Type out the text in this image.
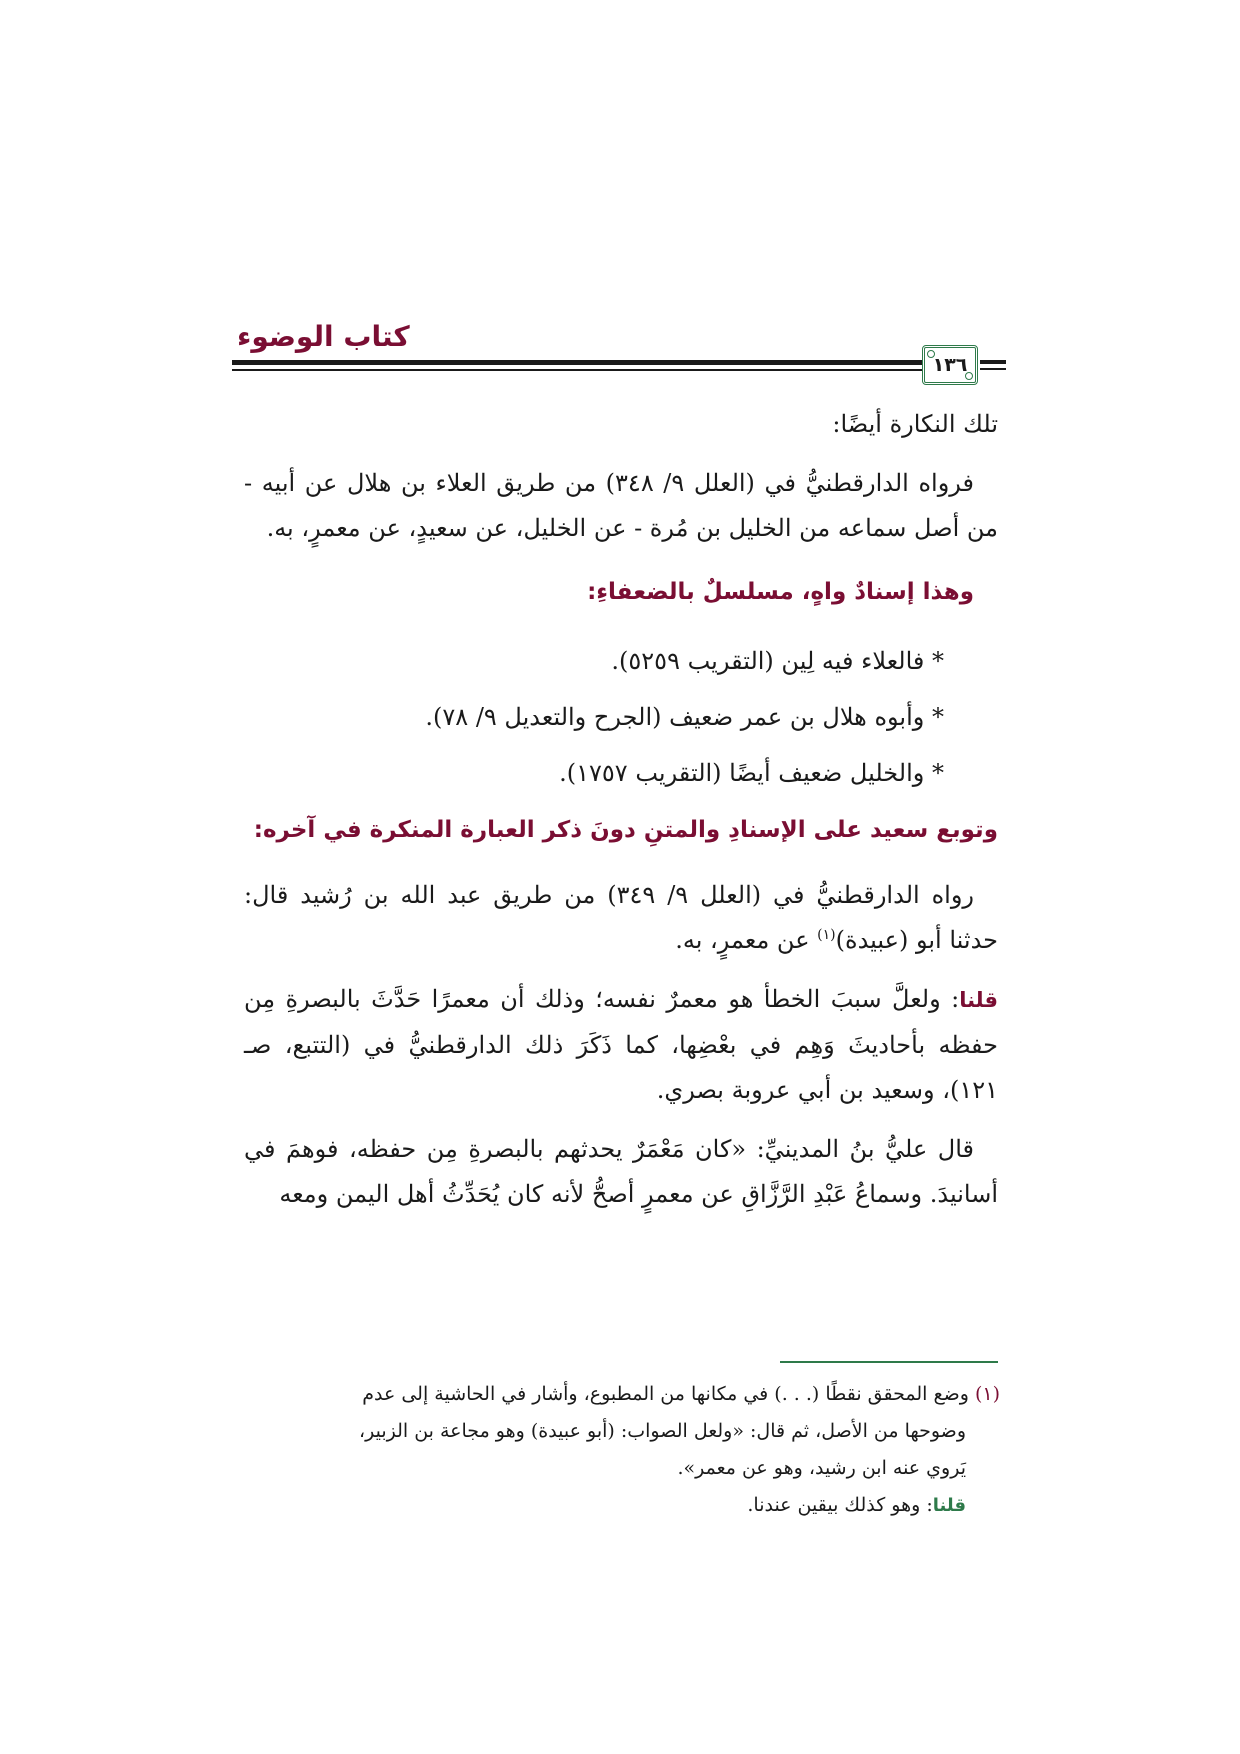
كتاب الوضوء
١٣٦

تلك النكارة أيضًا:

فرواه الدارقطنيُّ في (العلل ٩/ ٣٤٨) من طريق العلاء بن هلال عن أبيه - من أصل سماعه من الخليل بن مُرة - عن الخليل، عن سعيدٍ، عن معمرٍ، به.

وهذا إسنادٌ واهٍ، مسلسلٌ بالضعفاءِ:

* فالعلاء فيه لِين (التقريب ٥٢٥٩).

* وأبوه هلال بن عمر ضعيف (الجرح والتعديل ٩/ ٧٨).

* والخليل ضعيف أيضًا (التقريب ١٧٥٧).

وتوبع سعيد على الإسنادِ والمتنِ دونَ ذكر العبارة المنكرة في آخره:

رواه الدارقطنيُّ في (العلل ٩/ ٣٤٩) من طريق عبد الله بن رُشيد قال: حدثنا أبو (عبيدة)$^{(١)}$ عن معمرٍ، به.

قلنا: ولعلَّ سببَ الخطأ هو معمرٌ نفسه؛ وذلك أن معمرًا حَدَّثَ بالبصرةِ مِن حفظه بأحاديثَ وَهِم في بعْضِها، كما ذَكَرَ ذلك الدارقطنيُّ في (التتبع، صـ ١٢١)، وسعيد بن أبي عروبة بصري.

قال عليُّ بنُ المدينيِّ: «كان مَعْمَرٌ يحدثهم بالبصرةِ مِن حفظه، فوهمَ في أسانيدَ. وسماعُ عَبْدِ الرَّزَّاقِ عن معمرٍ أصحُّ لأنه كان يُحَدِّثُ أهل اليمن ومعه

(١) وضع المحقق نقطًا (. . .) في مكانها من المطبوع، وأشار في الحاشية إلى عدم

وضوحها من الأصل، ثم قال: «ولعل الصواب: (أبو عبيدة) وهو مجاعة بن الزبير،

يَروي عنه ابن رشيد، وهو عن معمر».

قلنا: وهو كذلك بيقين عندنا.
